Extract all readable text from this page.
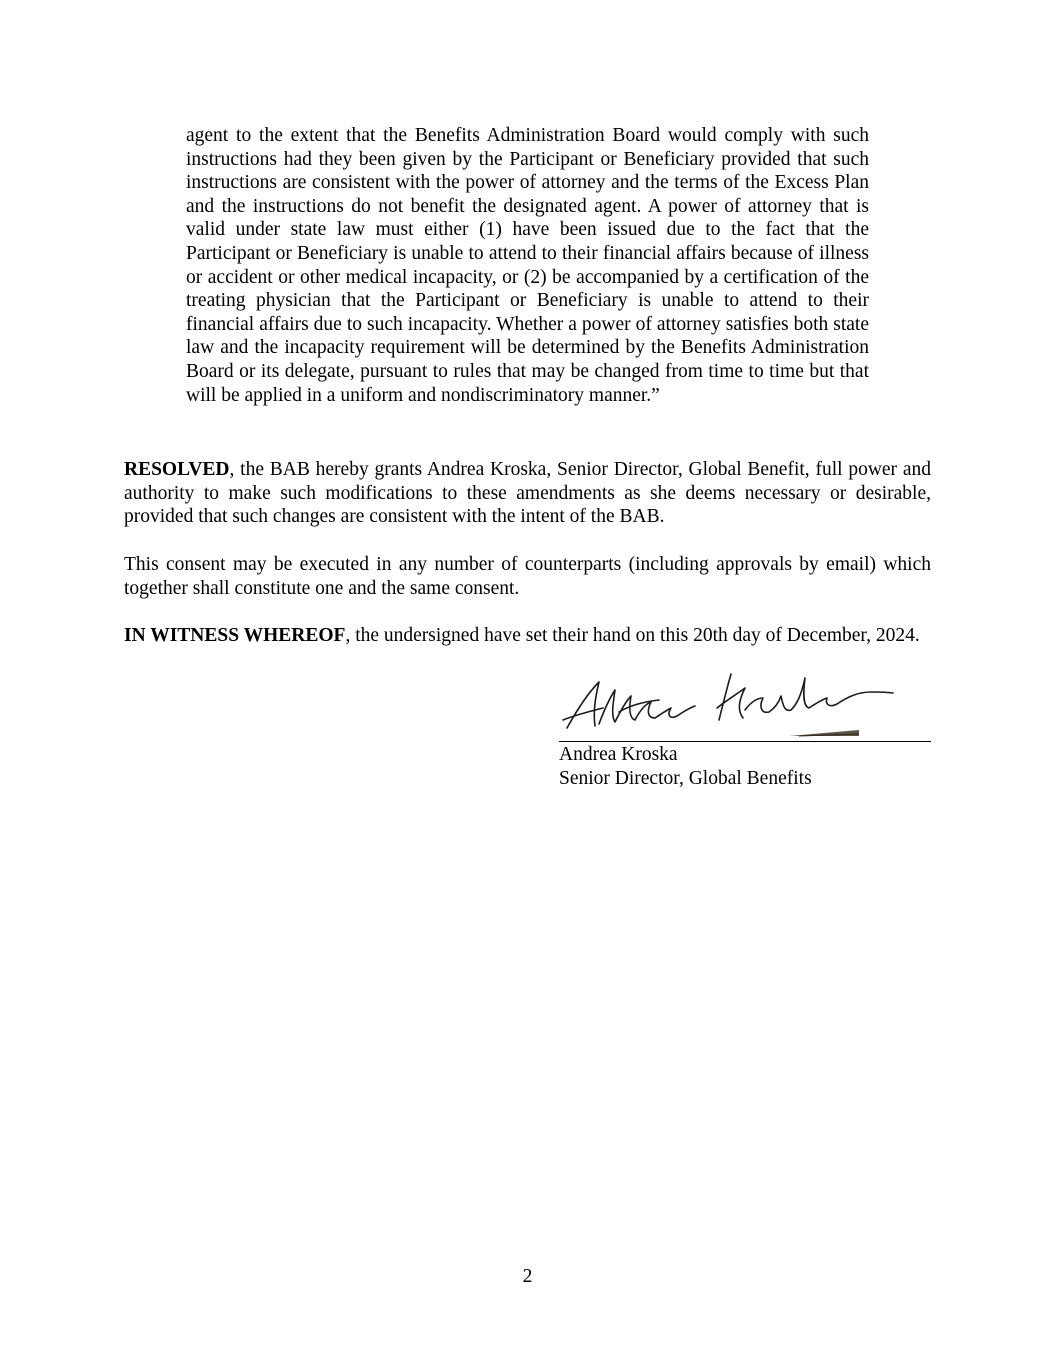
agent to the extent that the Benefits Administration Board would comply with such instructions had they been given by the Participant or Beneficiary provided that such instructions are consistent with the power of attorney and the terms of the Excess Plan and the instructions do not benefit the designated agent. A power of attorney that is valid under state law must either (1) have been issued due to the fact that the Participant or Beneficiary is unable to attend to their financial affairs because of illness or accident or other medical incapacity, or (2) be accompanied by a certification of the treating physician that the Participant or Beneficiary is unable to attend to their financial affairs due to such incapacity. Whether a power of attorney satisfies both state law and the incapacity requirement will be determined by the Benefits Administration Board or its delegate, pursuant to rules that may be changed from time to time but that will be applied in a uniform and nondiscriminatory manner.”

RESOLVED, the BAB hereby grants Andrea Kroska, Senior Director, Global Benefit, full power and authority to make such modifications to these amendments as she deems necessary or desirable, provided that such changes are consistent with the intent of the BAB.

This consent may be executed in any number of counterparts (including approvals by email) which together shall constitute one and the same consent.

IN WITNESS WHEREOF, the undersigned have set their hand on this 20th day of December, 2024.

Andrea Kroska
Senior Director, Global Benefits

2
